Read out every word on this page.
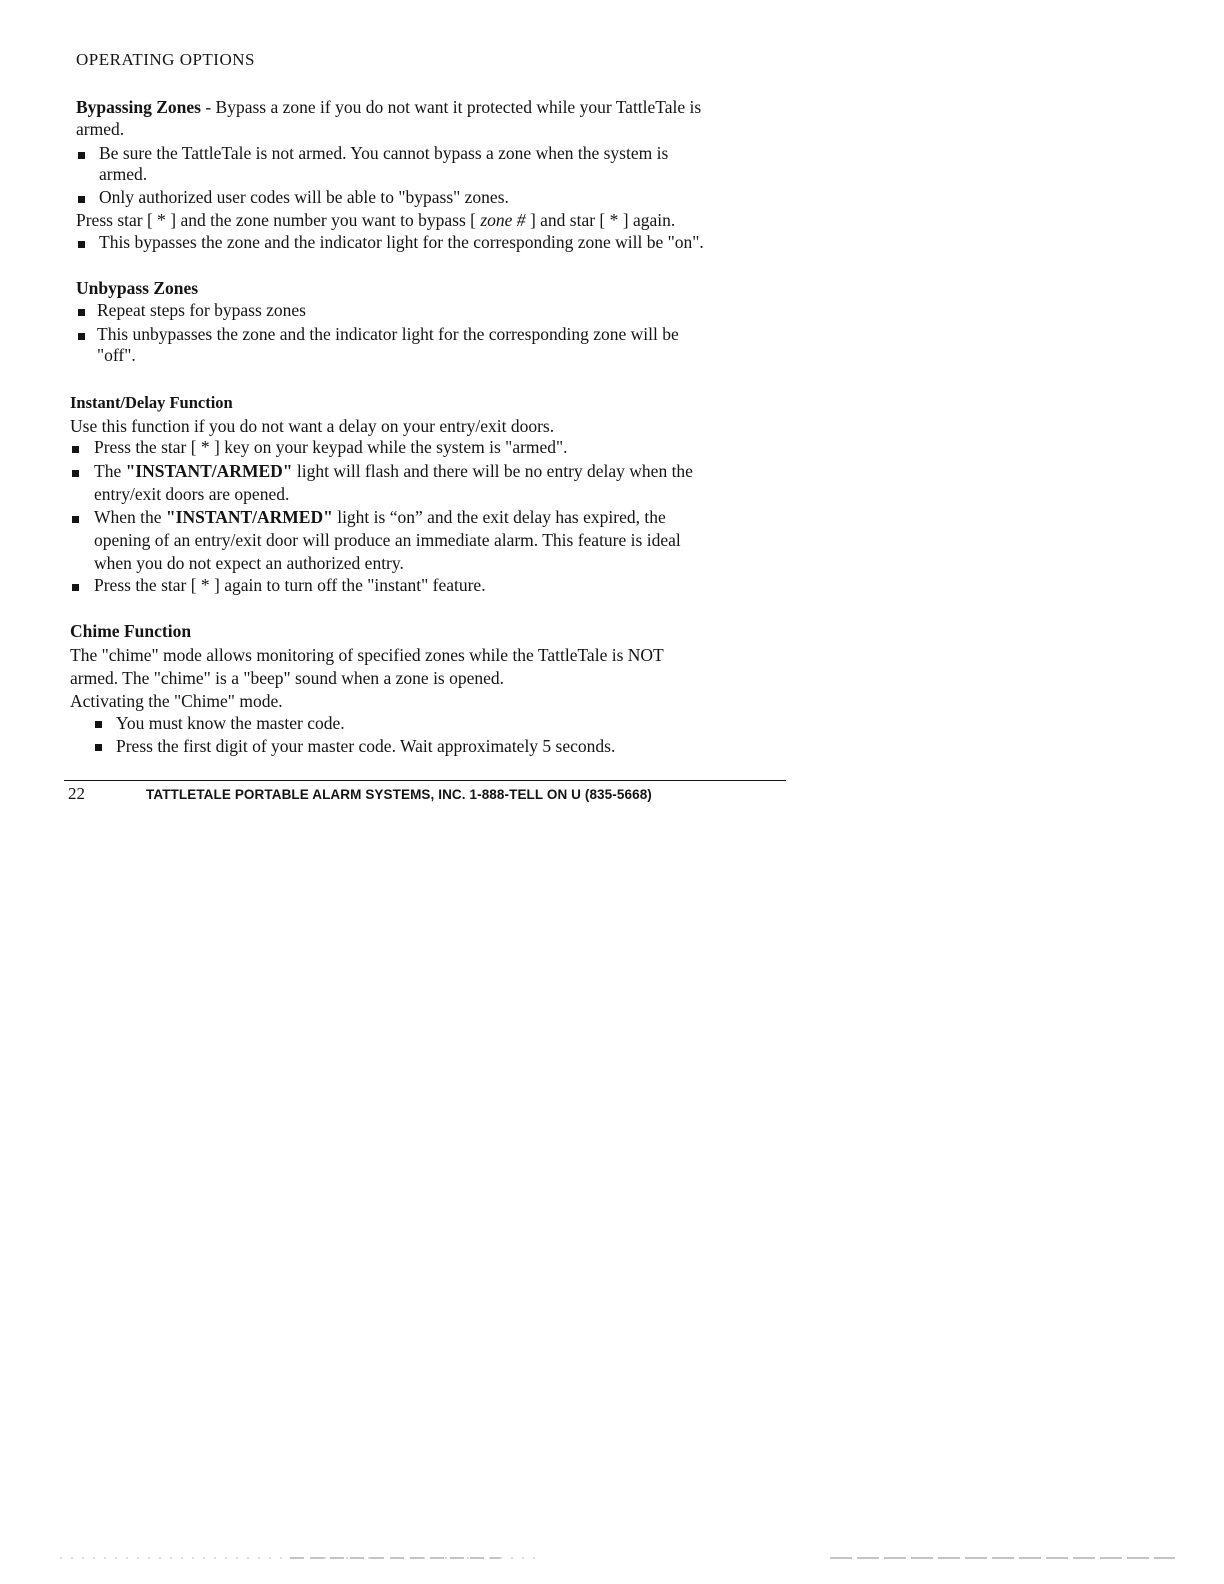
OPERATING OPTIONS
Bypassing Zones - Bypass a zone if you do not want it protected while your TattleTale is
armed.
Be sure the TattleTale is not armed. You cannot bypass a zone when the system is
armed.
Only authorized user codes will be able to "bypass" zones.
Press star [ * ] and the zone number you want to bypass [ zone # ] and star [ * ] again.
This bypasses the zone and the indicator light for the corresponding zone will be "on".
Unbypass Zones
Repeat steps for bypass zones
This unbypasses the zone and the indicator light for the corresponding zone will be
"off".
Instant/Delay Function
Use this function if you do not want a delay on your entry/exit doors.
Press the star [ * ] key on your keypad while the system is "armed".
The "INSTANT/ARMED" light will flash and there will be no entry delay when the
entry/exit doors are opened.
When the "INSTANT/ARMED" light is “on” and the exit delay has expired, the
opening of an entry/exit door will produce an immediate alarm. This feature is ideal
when you do not expect an authorized entry.
Press the star [ * ] again to turn off the "instant" feature.
Chime Function
The "chime" mode allows monitoring of specified zones while the TattleTale is NOT
armed. The "chime" is a "beep" sound when a zone is opened.
Activating the "Chime" mode.
You must know the master code.
Press the first digit of your master code. Wait approximately 5 seconds.
22	TATTLETALE PORTABLE ALARM SYSTEMS, INC. 1-888-TELL ON U (835-5668)
